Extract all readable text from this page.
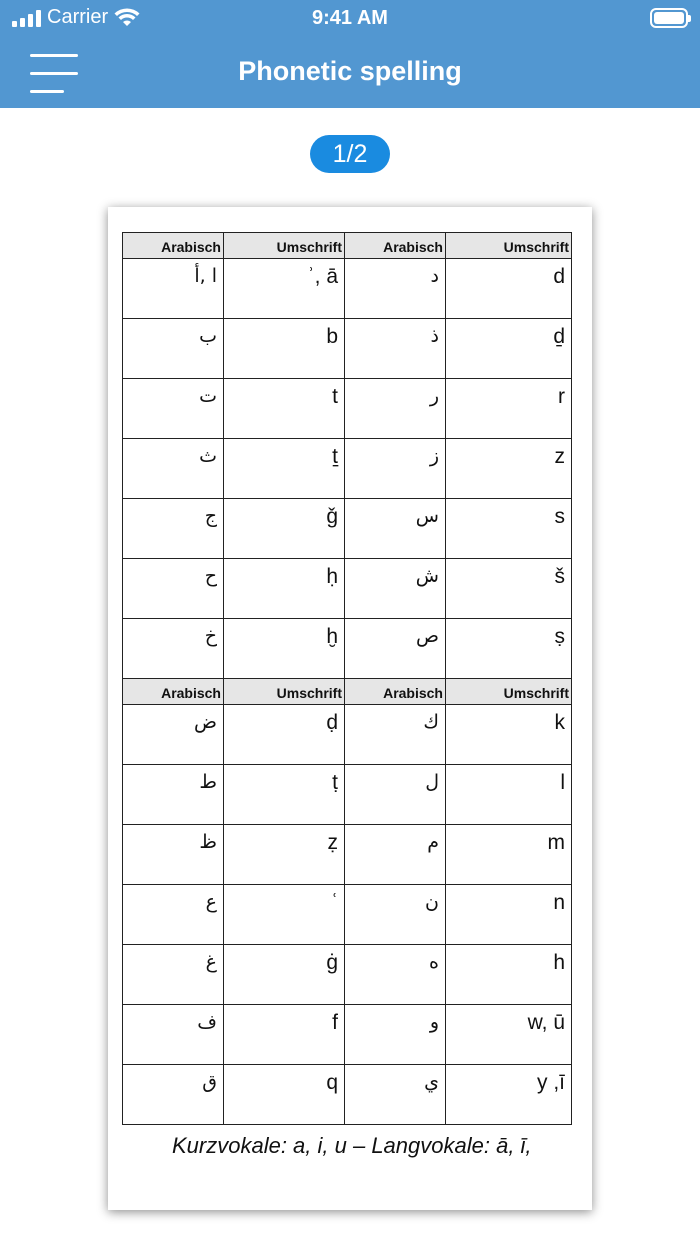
Carrier	9:41 AM
Phonetic spelling
1/2
Arabisch	Umschrift	Arabisch	Umschrift
ا ,أ	ʾ, ā	د	d
ب	b	ذ	ḏ
ت	t	ر	r
ث	ṯ	ز	z
ج	ǧ	س	s
ح	ḥ	ش	š
خ	ḫ	ص	ṣ
Arabisch	Umschrift	Arabisch	Umschrift
ض	ḍ	ك	k
ط	ṭ	ل	l
ظ	ẓ	م	m
ع	ʿ	ن	n
غ	ġ	ه	h
ف	f	و	w, ū
ق	q	ي	y ,ī
Kurzvokale: a, i, u – Langvokale: ā, ī,
